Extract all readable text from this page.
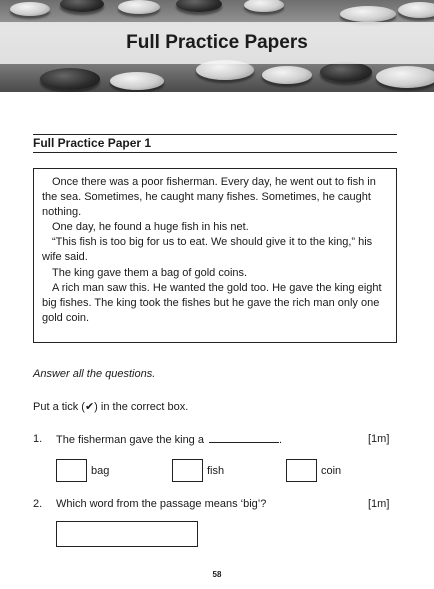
Full Practice Papers
Full Practice Paper 1

Once there was a poor fisherman. Every day, he went out to fish in the sea. Sometimes, he caught many fishes. Sometimes, he caught nothing.

One day, he found a huge fish in his net.

“This fish is too big for us to eat. We should give it to the king,” his wife said.

The king gave them a bag of gold coins.

A rich man saw this. He wanted the gold too. He gave the king eight big fishes. The king took the fishes but he gave the rich man only one gold coin.

Answer all the questions.
Put a tick (✔) in the correct box.
1. The fisherman gave the king a	.	[1m]
bag	fish	coin
2. Which word from the passage means ‘big’?	[1m]
58
